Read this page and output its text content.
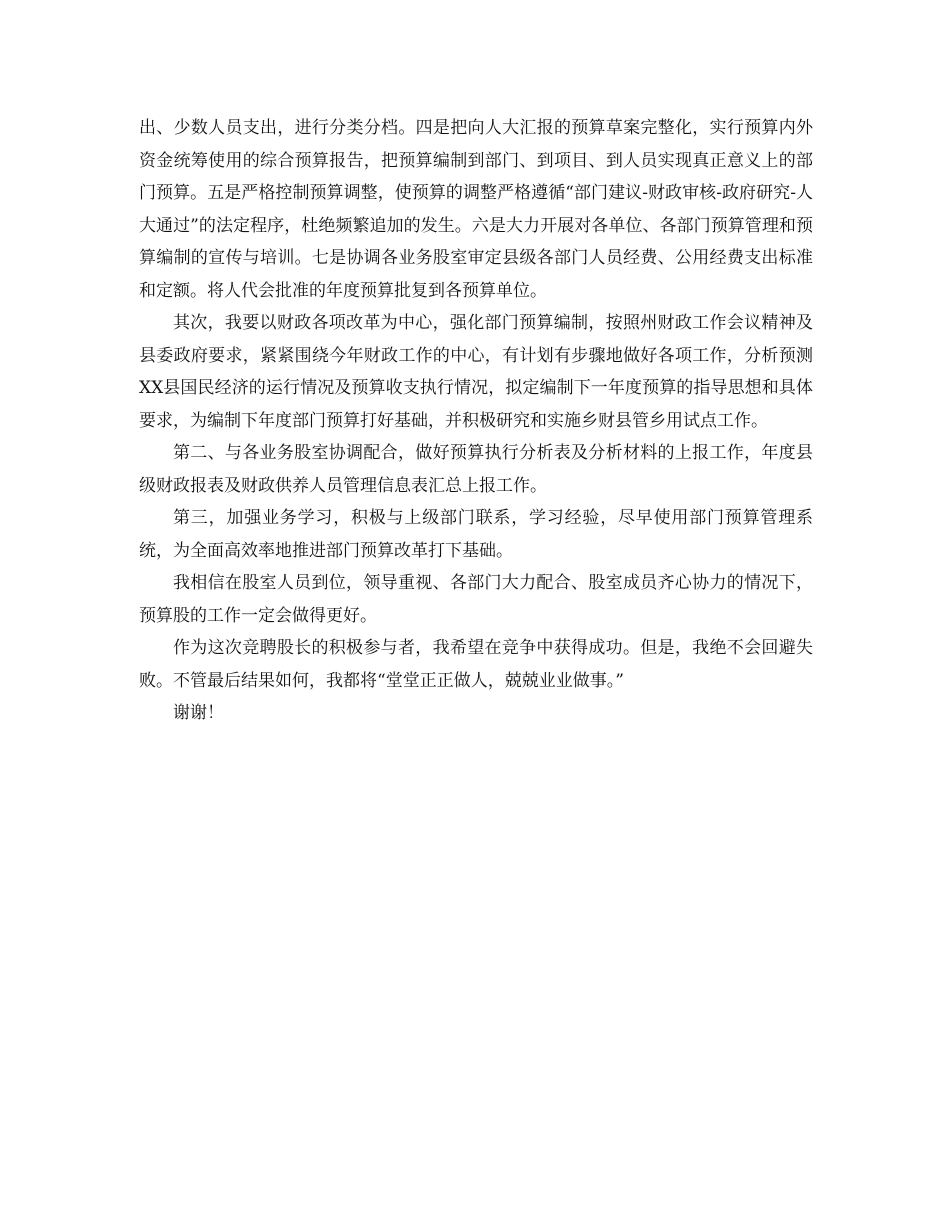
出、少数人员支出，进行分类分档。四是把向人大汇报的预算草案完整化，实行预算内外资金统筹使用的综合预算报告，把预算编制到部门、到项目、到人员实现真正意义上的部门预算。五是严格控制预算调整，使预算的调整严格遵循“部门建议-财政审核-政府研究-人大通过”的法定程序，杜绝频繁追加的发生。六是大力开展对各单位、各部门预算管理和预算编制的宣传与培训。七是协调各业务股室审定县级各部门人员经费、公用经费支出标准和定额。将人代会批准的年度预算批复到各预算单位。

其次，我要以财政各项改革为中心，强化部门预算编制，按照州财政工作会议精神及县委政府要求，紧紧围绕今年财政工作的中心，有计划有步骤地做好各项工作，分析预测XX县国民经济的运行情况及预算收支执行情况，拟定编制下一年度预算的指导思想和具体要求，为编制下年度部门预算打好基础，并积极研究和实施乡财县管乡用试点工作。

第二、与各业务股室协调配合，做好预算执行分析表及分析材料的上报工作，年度县级财政报表及财政供养人员管理信息表汇总上报工作。

第三，加强业务学习，积极与上级部门联系，学习经验，尽早使用部门预算管理系统，为全面高效率地推进部门预算改革打下基础。

我相信在股室人员到位，领导重视、各部门大力配合、股室成员齐心协力的情况下，预算股的工作一定会做得更好。

作为这次竞聘股长的积极参与者，我希望在竞争中获得成功。但是，我绝不会回避失败。不管最后结果如何，我都将“堂堂正正做人，兢兢业业做事。”

谢谢！
